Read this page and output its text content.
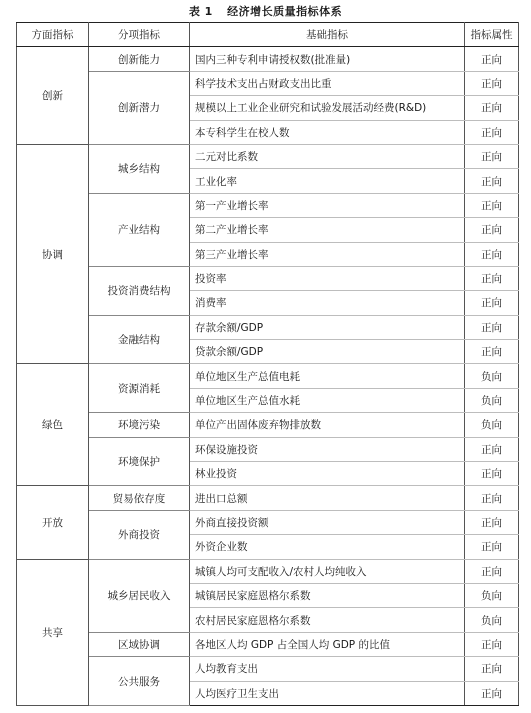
表 1 经济增长质量指标体系
方面指标	分项指标	基础指标	指标属性
创新	创新能力	国内三种专利申请授权数(批准量)	正向
	创新潜力	科学技术支出占财政支出比重	正向
		规模以上工业企业研究和试验发展活动经费(R&D)	正向
		本专科学生在校人数	正向
协调	城乡结构	二元对比系数	正向
		工业化率	正向
	产业结构	第一产业增长率	正向
		第二产业增长率	正向
		第三产业增长率	正向
	投资消费结构	投资率	正向
		消费率	正向
	金融结构	存款余额/GDP	正向
		贷款余额/GDP	正向
绿色	资源消耗	单位地区生产总值电耗	负向
		单位地区生产总值水耗	负向
	环境污染	单位产出固体废弃物排放数	负向
	环境保护	环保设施投资	正向
		林业投资	正向
开放	贸易依存度	进出口总额	正向
	外商投资	外商直接投资额	正向
		外资企业数	正向
共享	城乡居民收入	城镇人均可支配收入/农村人均纯收入	正向
		城镇居民家庭恩格尔系数	负向
		农村居民家庭恩格尔系数	负向
	区域协调	各地区人均 GDP 占全国人均 GDP 的比值	正向
	公共服务	人均教育支出	正向
		人均医疗卫生支出	正向
